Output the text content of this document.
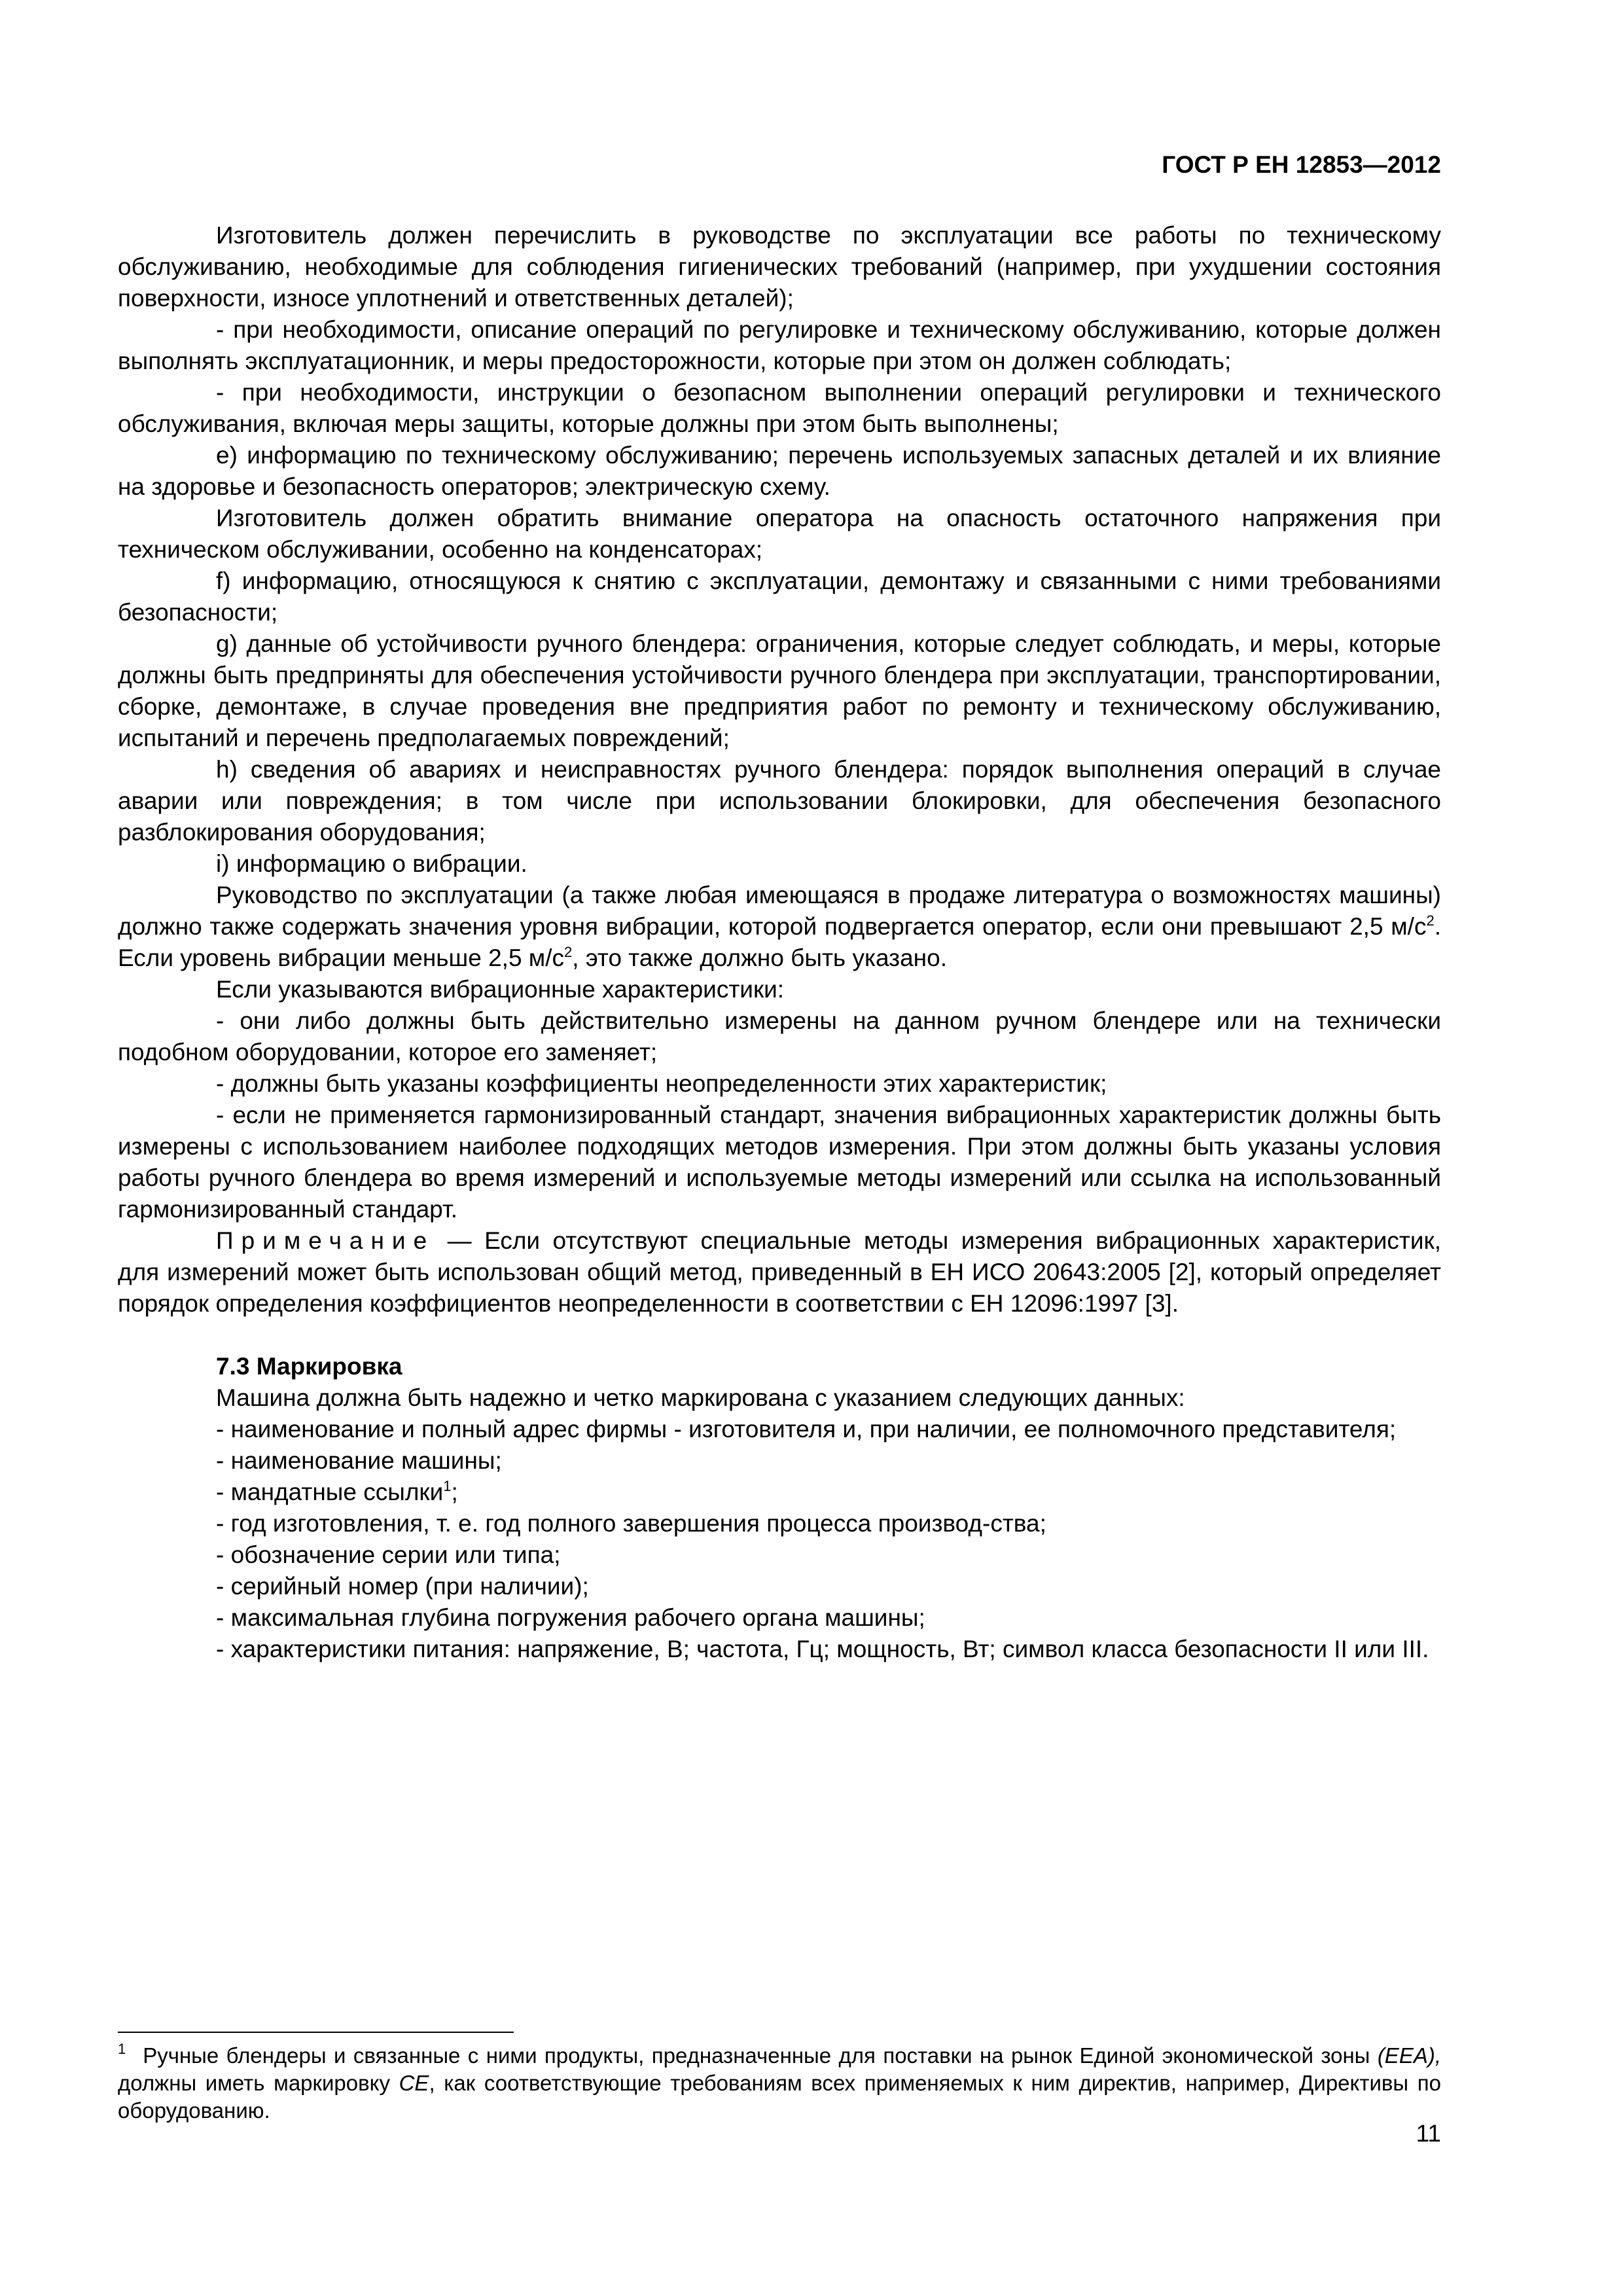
ГОСТ Р ЕН 12853—2012

Изготовитель должен перечислить в руководстве по эксплуатации все работы по техническому обслуживанию, необходимые для соблюдения гигиенических требований (например, при ухудшении состояния поверхности, износе уплотнений и ответственных деталей);

- при необходимости, описание операций по регулировке и техническому обслуживанию, которые должен выполнять эксплуатационник, и меры предосторожности, которые при этом он должен соблюдать;

- при необходимости, инструкции о безопасном выполнении операций регулировки и технического обслуживания, включая меры защиты, которые должны при этом быть выполнены;

е) информацию по техническому обслуживанию; перечень используемых запасных деталей и их влияние на здоровье и безопасность операторов; электрическую схему.

Изготовитель должен обратить внимание оператора на опасность остаточного напряжения при техническом обслуживании, особенно на конденсаторах;

f) информацию, относящуюся к снятию с эксплуатации, демонтажу и связанными с ними требованиями безопасности;

g) данные об устойчивости ручного блендера: ограничения, которые следует соблюдать, и меры, которые должны быть предприняты для обеспечения устойчивости ручного блендера при эксплуатации, транспортировании, сборке, демонтаже, в случае проведения вне предприятия работ по ремонту и техническому обслуживанию, испытаний и перечень предполагаемых повреждений;

h) сведения об авариях и неисправностях ручного блендера: порядок выполнения операций в случае аварии или повреждения; в том числе при использовании блокировки, для обеспечения безопасного разблокирования оборудования;

i) информацию о вибрации.

Руководство по эксплуатации (а также любая имеющаяся в продаже литература о возможностях машины) должно также содержать значения уровня вибрации, которой подвергается оператор, если они превышают 2,5 $м/с^2$. Если уровень вибрации меньше 2,5 $м/с^2$, это также должно быть указано.

Если указываются вибрационные характеристики:

- они либо должны быть действительно измерены на данном ручном блендере или на технически подобном оборудовании, которое его заменяет;

- должны быть указаны коэффициенты неопределенности этих характеристик;

- если не применяется гармонизированный стандарт, значения вибрационных характеристик должны быть измерены с использованием наиболее подходящих методов измерения. При этом должны быть указаны условия работы ручного блендера во время измерений и используемые методы измерений или ссылка на использованный гармонизированный стандарт.

Примечание — Если отсутствуют специальные методы измерения вибрационных характеристик, для измерений может быть использован общий метод, приведенный в ЕН ИСО 20643:2005 [2], который определяет порядок определения коэффициентов неопределенности в соответствии с ЕН 12096:1997 [3].

7.3 Маркировка

Машина должна быть надежно и четко маркирована с указанием следующих данных:

- наименование и полный адрес фирмы - изготовителя и, при наличии, ее полномочного представителя;

- наименование машины;

- мандатные ссылки$^1$;

- год изготовления, т. е. год полного завершения процесса производ-ства;

- обозначение серии или типа;

- серийный номер (при наличии);

- максимальная глубина погружения рабочего органа машины;

- характеристики питания: напряжение, В; частота, Гц; мощность, Вт; символ класса безопасности II или III.

$^1$ Ручные блендеры и связанные с ними продукты, предназначенные для поставки на рынок Единой экономической зоны (EEA), должны иметь маркировку CE, как соответствующие требованиям всех применяемых к ним директив, например, Директивы по оборудованию.
11
